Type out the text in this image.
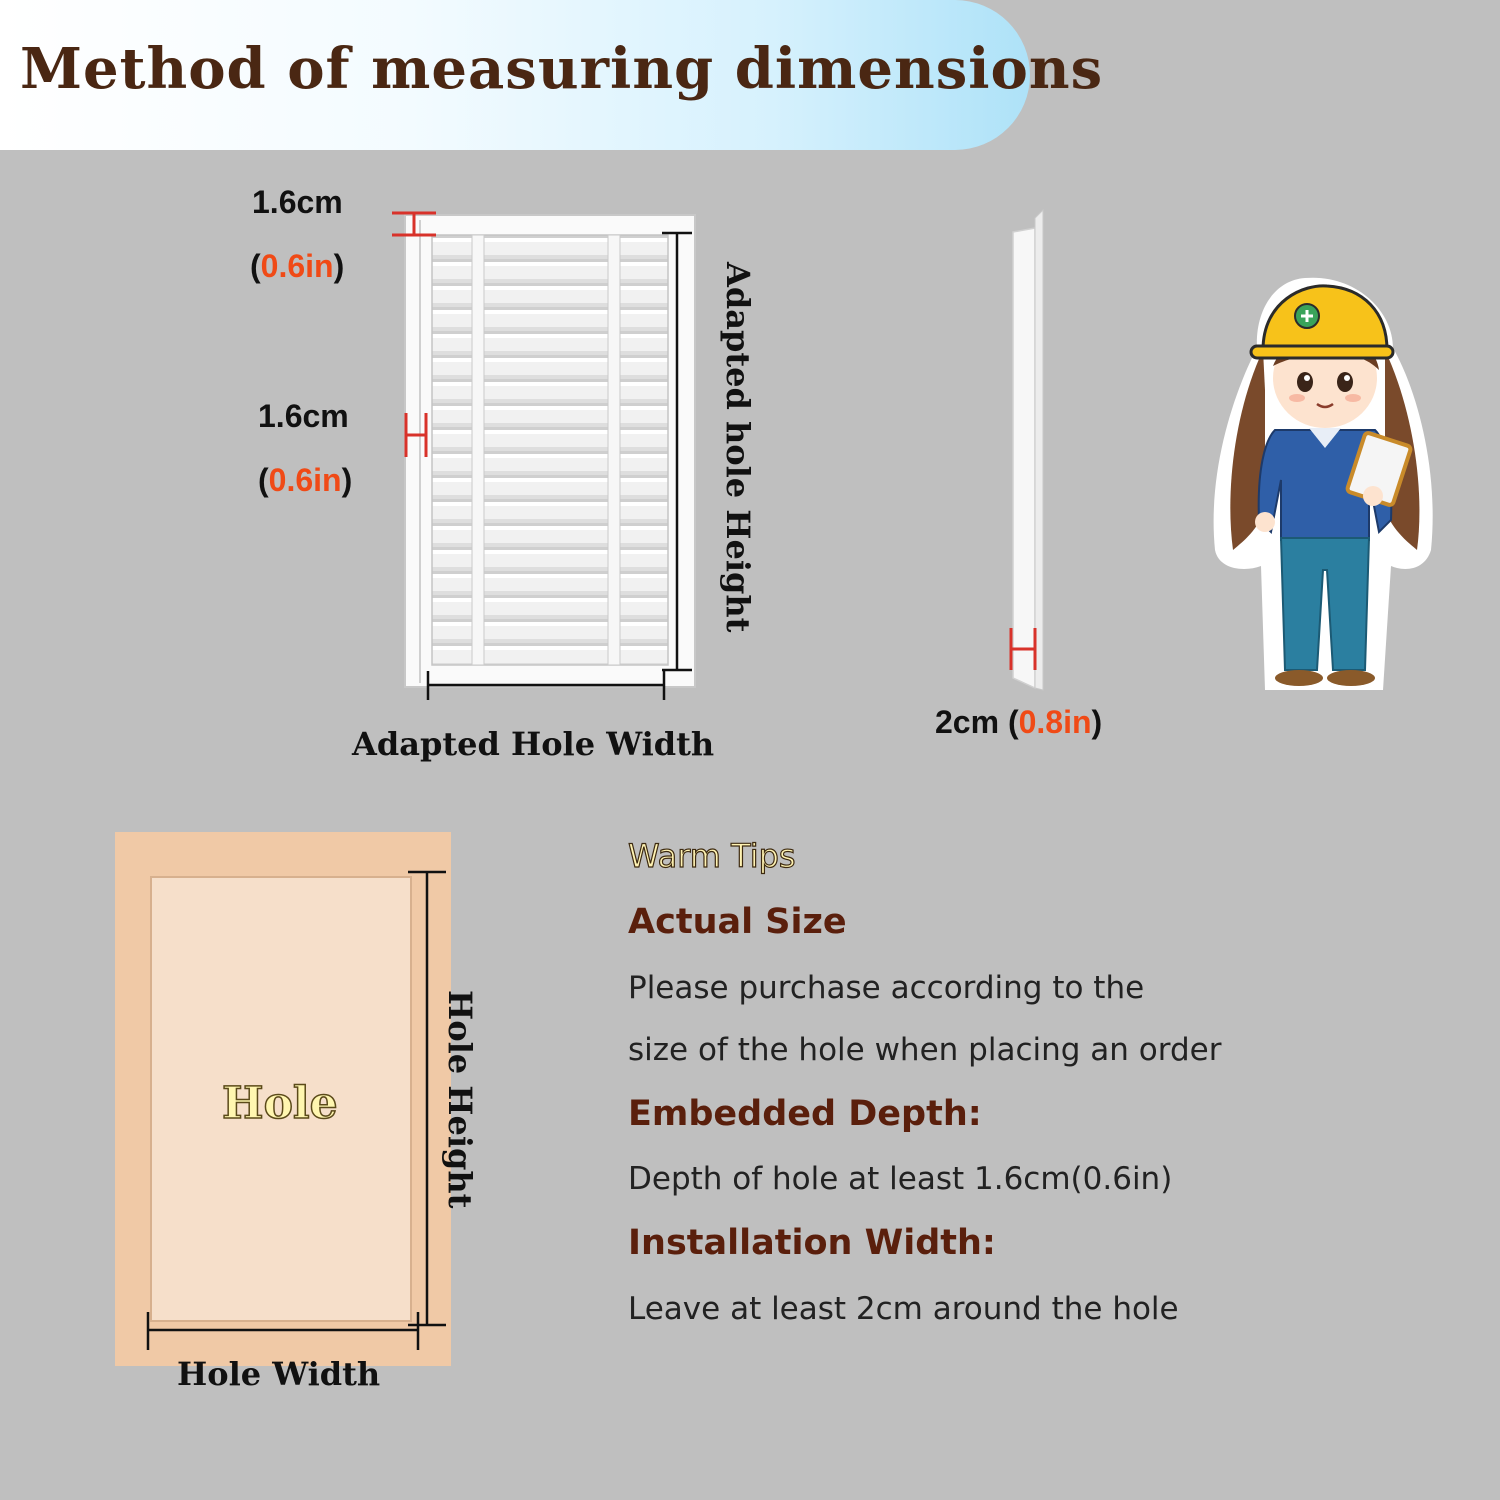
Method of measuring dimensions
1.6cm
(0.6in)
1.6cm
(0.6in)	Adapted hole Height
Adapted Hole Width
2cm (0.8in)
Hole	Hole Height
Hole Width
Warm Tips
Actual Size
Please purchase according to the
size of the hole when placing an order
Embedded Depth:
Depth of hole at least 1.6cm(0.6in)
Installation Width:
Leave at least 2cm around the hole
